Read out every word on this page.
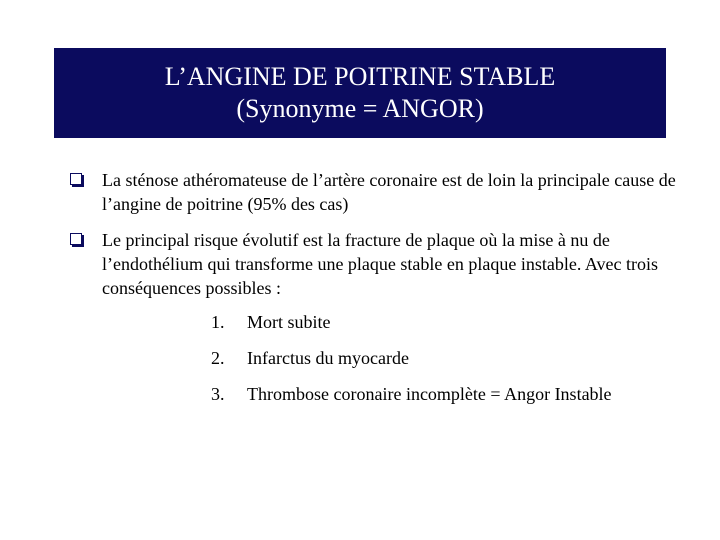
L’ANGINE DE POITRINE STABLE
(Synonyme = ANGOR)

La sténose athéromateuse de l’artère coronaire est de loin la principale cause de l’angine de poitrine (95% des cas)

Le principal risque évolutif est la fracture de plaque où la mise à nu de l’endothélium qui transforme une plaque stable en plaque instable. Avec trois conséquences possibles :

1.	Mort subite
2.	Infarctus du myocarde
3.	Thrombose coronaire incomplète = Angor Instable
